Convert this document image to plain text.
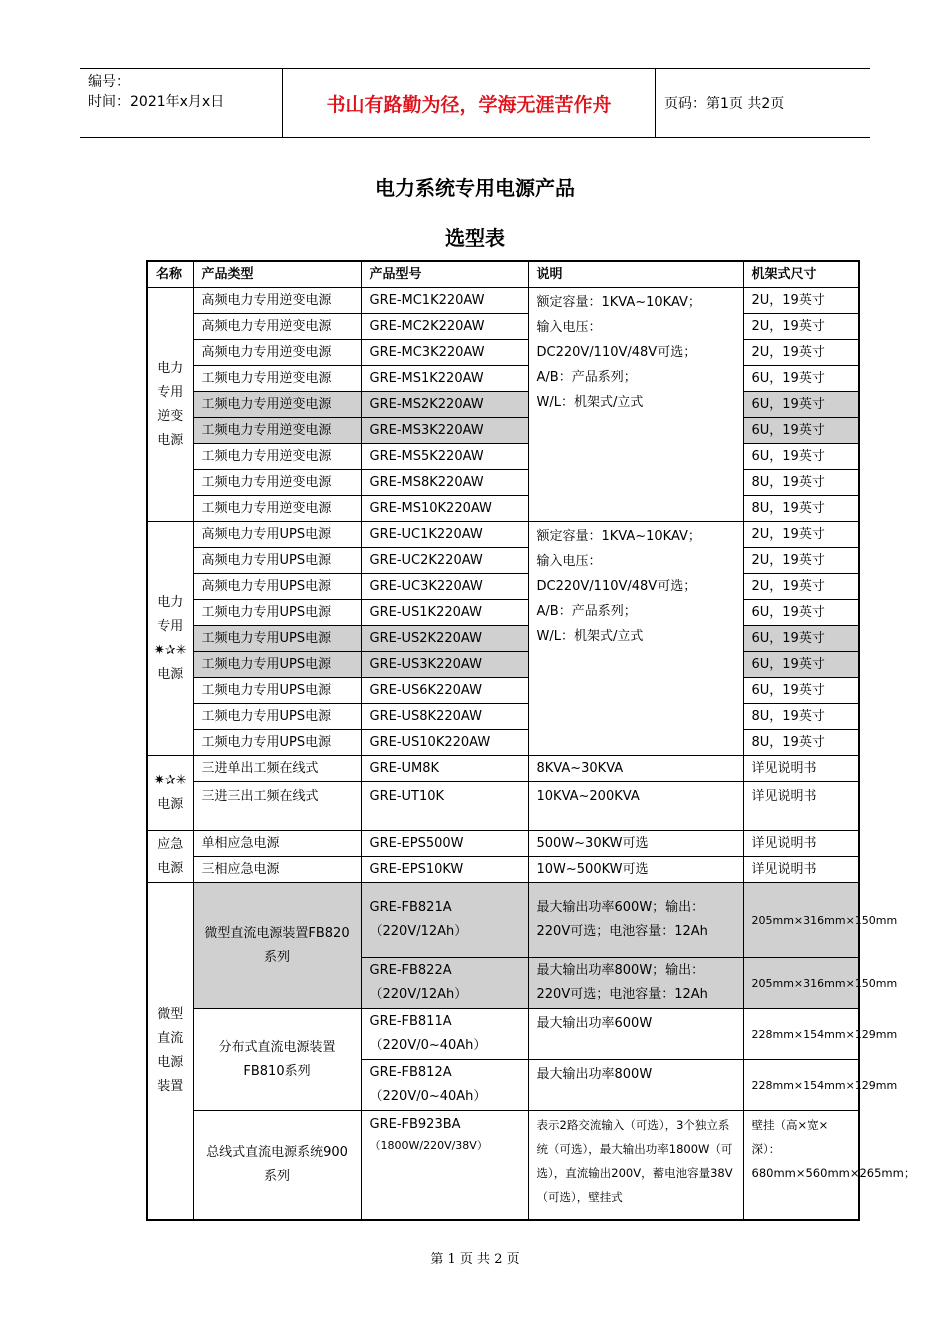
编号：
时间：2021年x月x日	书山有路勤为径，学海无涯苦作舟	页码：第1页 共2页
电力系统专用电源产品
选型表
名称	产品类型	产品型号	说明	机架式尺寸
电力专用逆变电源	高频电力专用逆变电源	GRE-MC1K220AW	额定容量：1KVA~10KAV；
输入电压：
DC220V/110V/48V可选；
A/B：产品系列；
W/L：机架式/立式	2U，19英寸
	高频电力专用逆变电源	GRE-MC2K220AW		2U，19英寸
	高频电力专用逆变电源	GRE-MC3K220AW		2U，19英寸
	工频电力专用逆变电源	GRE-MS1K220AW		6U，19英寸
	工频电力专用逆变电源	GRE-MS2K220AW		6U，19英寸
	工频电力专用逆变电源	GRE-MS3K220AW		6U，19英寸
	工频电力专用逆变电源	GRE-MS5K220AW		6U，19英寸
	工频电力专用逆变电源	GRE-MS8K220AW		8U，19英寸
	工频电力专用逆变电源	GRE-MS10K220AW		8U，19英寸
电力专用✷✰✳电源	高频电力专用UPS电源	GRE-UC1K220AW	额定容量：1KVA~10KAV；
输入电压：
DC220V/110V/48V可选；
A/B：产品系列；
W/L：机架式/立式	2U，19英寸
	高频电力专用UPS电源	GRE-UC2K220AW		2U，19英寸
	高频电力专用UPS电源	GRE-UC3K220AW		2U，19英寸
	工频电力专用UPS电源	GRE-US1K220AW		6U，19英寸
	工频电力专用UPS电源	GRE-US2K220AW		6U，19英寸
	工频电力专用UPS电源	GRE-US3K220AW		6U，19英寸
	工频电力专用UPS电源	GRE-US6K220AW		6U，19英寸
	工频电力专用UPS电源	GRE-US8K220AW		8U，19英寸
	工频电力专用UPS电源	GRE-US10K220AW		8U，19英寸
✷✰✳电源	三进单出工频在线式	GRE-UM8K	8KVA~30KVA	详见说明书
	三进三出工频在线式	GRE-UT10K	10KVA~200KVA	详见说明书
应急电源	单相应急电源	GRE-EPS500W	500W~30KW可选	详见说明书
	三相应急电源	GRE-EPS10KW	10W~500KW可选	详见说明书
微型直流电源装置	微型直流电源装置FB820系列	GRE-FB821A （220V/12Ah）	最大输出功率600W；输出：220V可选；电池容量：12Ah	205mm×316mm×150mm
		GRE-FB822A （220V/12Ah）	最大输出功率800W；输出：220V可选；电池容量：12Ah	205mm×316mm×150mm
	分布式直流电源装置FB810系列	GRE-FB811A （220V/0~40Ah）	最大输出功率600W	228mm×154mm×129mm
		GRE-FB812A （220V/0~40Ah）	最大输出功率800W	228mm×154mm×129mm
	总线式直流电源系统900系列	GRE-FB923BA
（1800W/220V/38V）	表示2路交流输入（可选），3个独立系统（可选），最大输出功率1800W（可选），直流输出200V，蓄电池容量38V（可选），壁挂式	壁挂（高×宽×深）：680mm×560mm×265mm；

第 1 页 共 2 页
